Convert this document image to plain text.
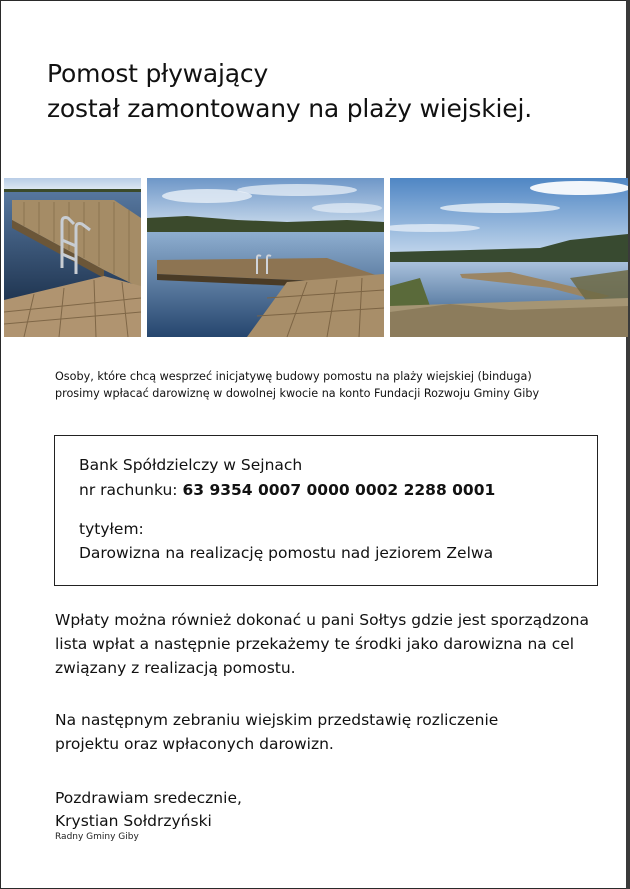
Pomost pływający
został zamontowany na plaży wiejskiej.
Osoby, które chcą wesprzeć inicjatywę budowy pomostu na plaży wiejskiej (binduga)
prosimy wpłacać darowiznę w dowolnej kwocie na konto Fundacji Rozwoju Gminy Giby
Bank Spółdzielczy w Sejnach
nr rachunku: 63 9354 0007 0000 0002 2288 0001
tytyłem:
Darowizna na realizację pomostu nad jeziorem Zelwa
Wpłaty można również dokonać u pani Sołtys gdzie jest sporządzona
lista wpłat a następnie przekażemy te środki jako darowizna na cel
związany z realizacją pomostu.
Na następnym zebraniu wiejskim przedstawię rozliczenie
projektu oraz wpłaconych darowizn.
Pozdrawiam sredecznie,
Krystian Sołdrzyński
Radny Gminy Giby
